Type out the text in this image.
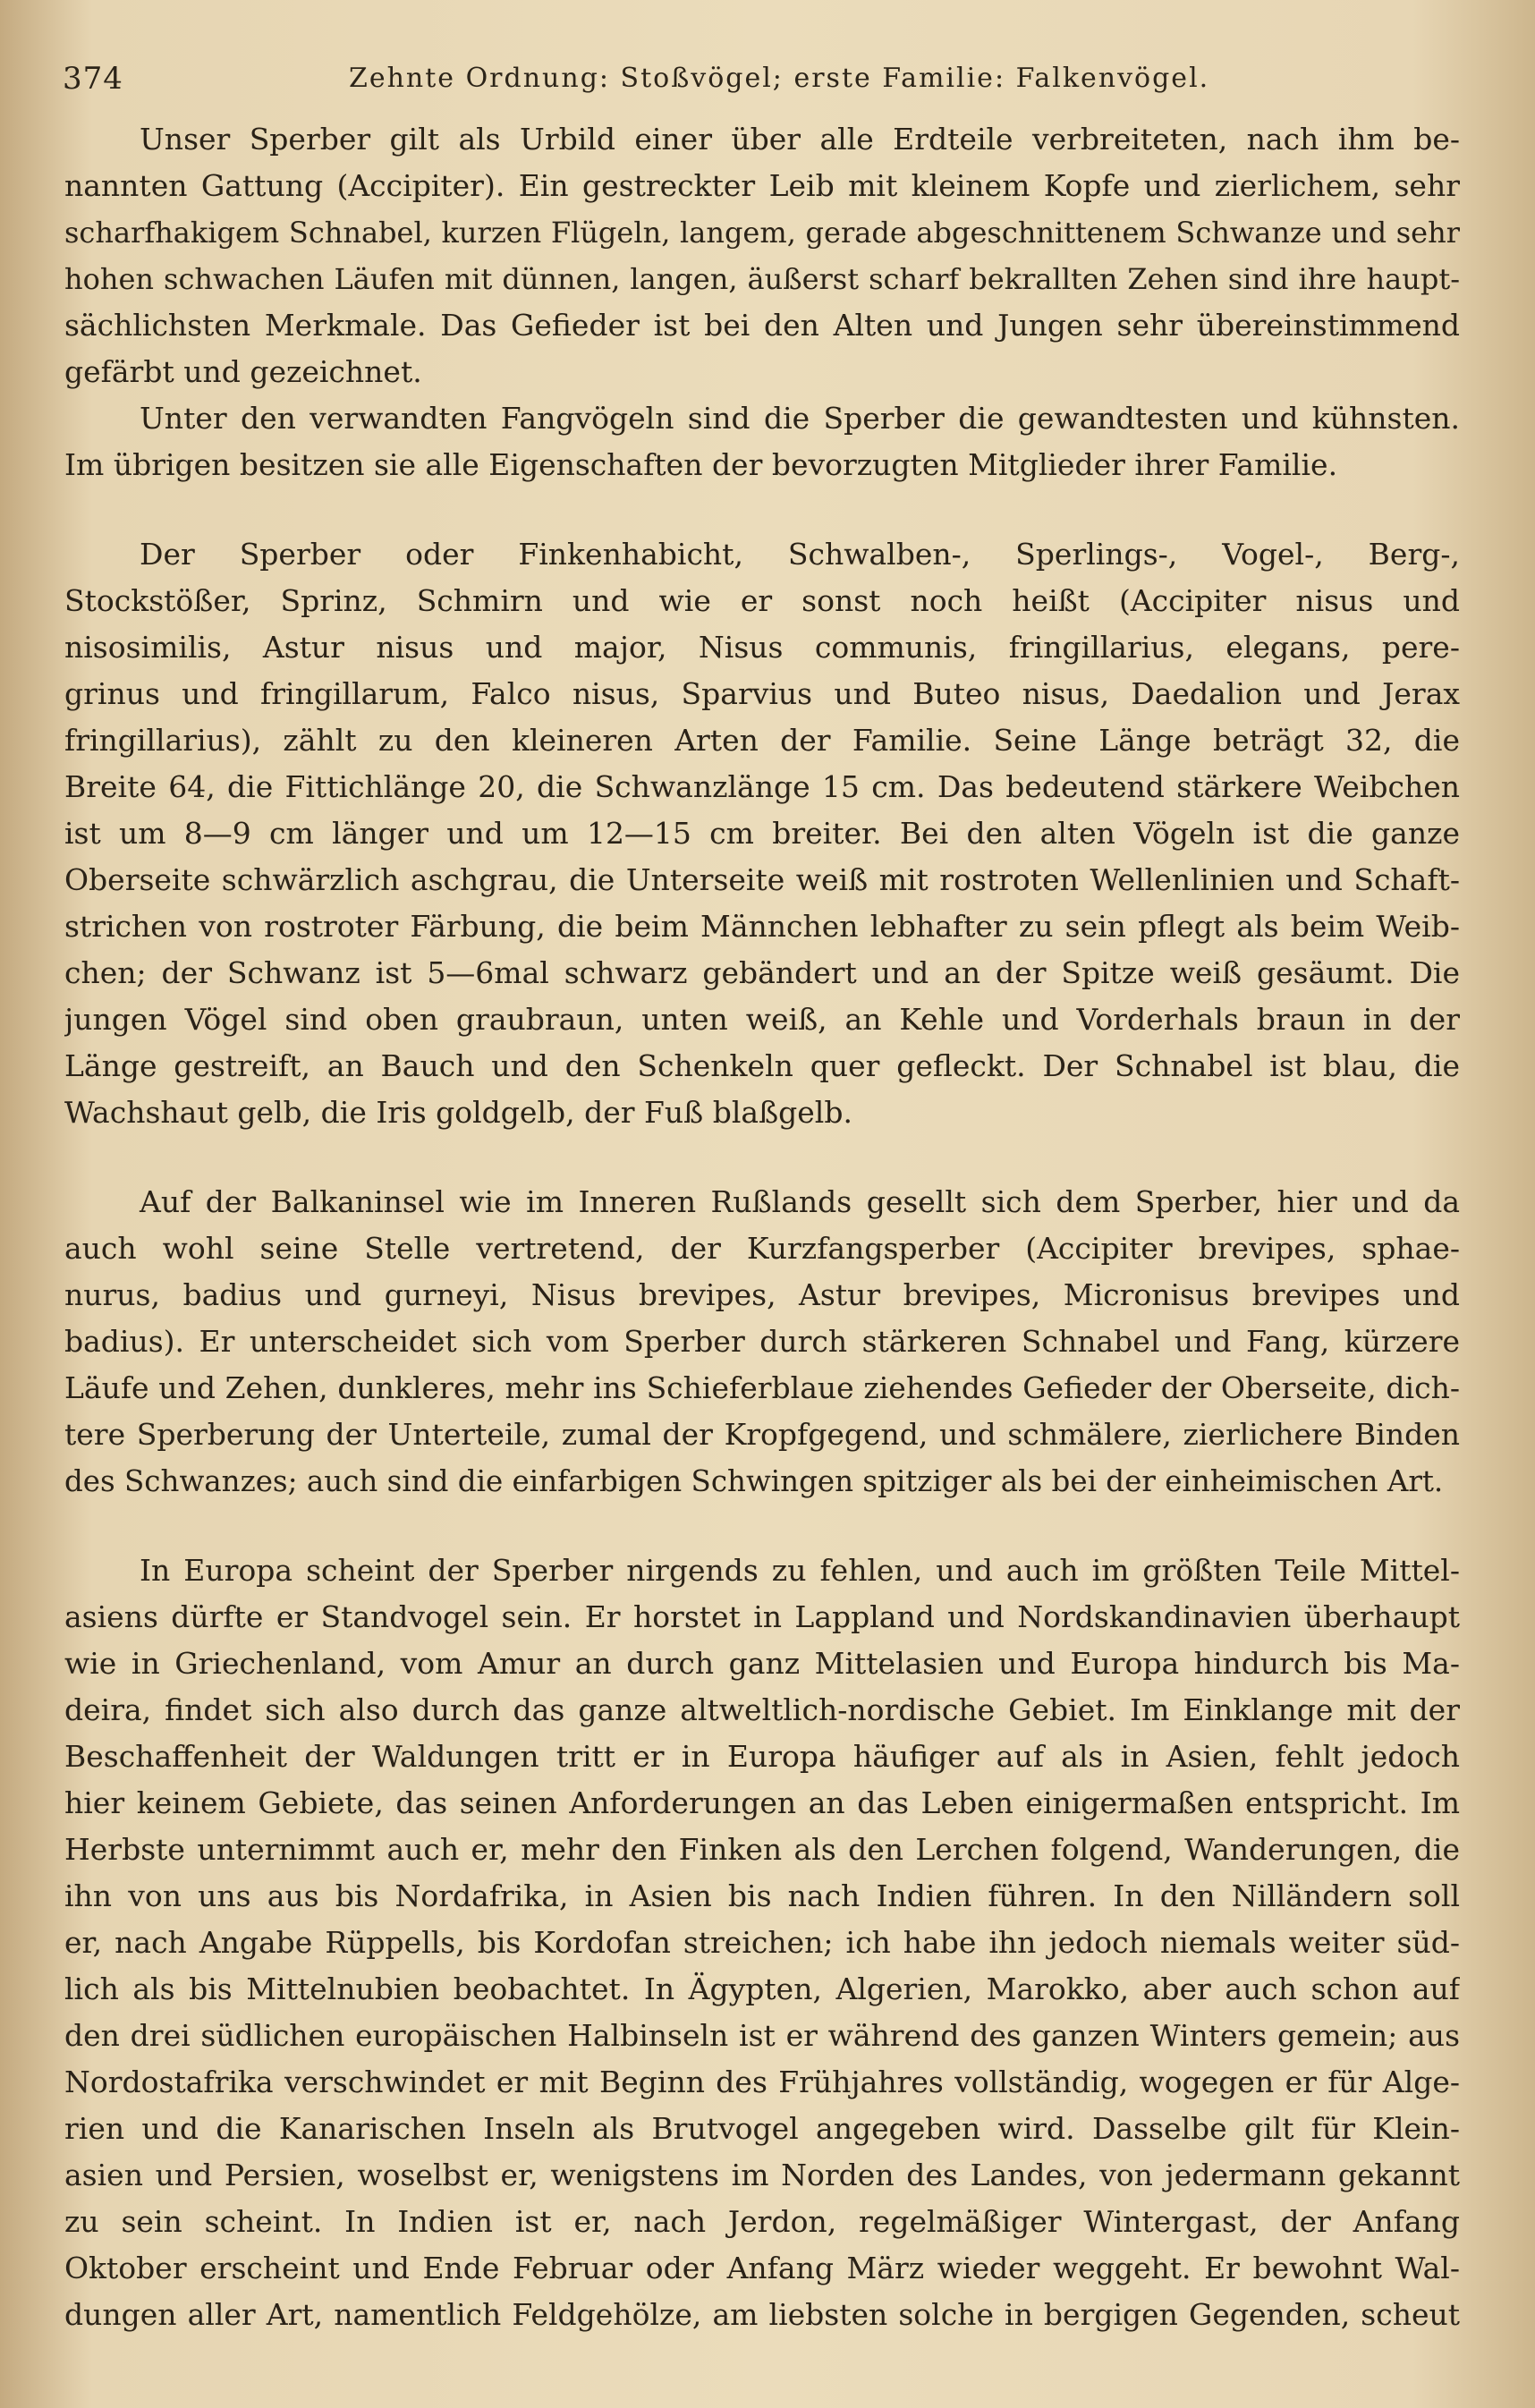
374	Zehnte Ordnung: Stoßvögel; erste Familie: Falkenvögel.
Unser Sperber gilt als Urbild einer über alle Erdteile verbreiteten, nach ihm be-
nannten Gattung (Accipiter). Ein gestreckter Leib mit kleinem Kopfe und zierlichem, sehr
scharfhakigem Schnabel, kurzen Flügeln, langem, gerade abgeschnittenem Schwanze und sehr
hohen schwachen Läufen mit dünnen, langen, äußerst scharf bekrallten Zehen sind ihre haupt-
sächlichsten Merkmale. Das Gefieder ist bei den Alten und Jungen sehr übereinstimmend
gefärbt und gezeichnet.
Unter den verwandten Fangvögeln sind die Sperber die gewandtesten und kühnsten.
Im übrigen besitzen sie alle Eigenschaften der bevorzugten Mitglieder ihrer Familie.
Der Sperber oder Finkenhabicht, Schwalben-, Sperlings-, Vogel-, Berg-,
Stockstößer, Sprinz, Schmirn und wie er sonst noch heißt (Accipiter nisus und
nisosimilis, Astur nisus und major, Nisus communis, fringillarius, elegans, pere-
grinus und fringillarum, Falco nisus, Sparvius und Buteo nisus, Daedalion und Jerax
fringillarius), zählt zu den kleineren Arten der Familie. Seine Länge beträgt 32, die
Breite 64, die Fittichlänge 20, die Schwanzlänge 15 cm. Das bedeutend stärkere Weibchen
ist um 8—9 cm länger und um 12—15 cm breiter. Bei den alten Vögeln ist die ganze
Oberseite schwärzlich aschgrau, die Unterseite weiß mit rostroten Wellenlinien und Schaft-
strichen von rostroter Färbung, die beim Männchen lebhafter zu sein pflegt als beim Weib-
chen; der Schwanz ist 5—6mal schwarz gebändert und an der Spitze weiß gesäumt. Die
jungen Vögel sind oben graubraun, unten weiß, an Kehle und Vorderhals braun in der
Länge gestreift, an Bauch und den Schenkeln quer gefleckt. Der Schnabel ist blau, die
Wachshaut gelb, die Iris goldgelb, der Fuß blaßgelb.
Auf der Balkaninsel wie im Inneren Rußlands gesellt sich dem Sperber, hier und da
auch wohl seine Stelle vertretend, der Kurzfangsperber (Accipiter brevipes, sphae-
nurus, badius und gurneyi, Nisus brevipes, Astur brevipes, Micronisus brevipes und
badius). Er unterscheidet sich vom Sperber durch stärkeren Schnabel und Fang, kürzere
Läufe und Zehen, dunkleres, mehr ins Schieferblaue ziehendes Gefieder der Oberseite, dich-
tere Sperberung der Unterteile, zumal der Kropfgegend, und schmälere, zierlichere Binden
des Schwanzes; auch sind die einfarbigen Schwingen spitziger als bei der einheimischen Art.
In Europa scheint der Sperber nirgends zu fehlen, und auch im größten Teile Mittel-
asiens dürfte er Standvogel sein. Er horstet in Lappland und Nordskandinavien überhaupt
wie in Griechenland, vom Amur an durch ganz Mittelasien und Europa hindurch bis Ma-
deira, findet sich also durch das ganze altweltlich-nordische Gebiet. Im Einklange mit der
Beschaffenheit der Waldungen tritt er in Europa häufiger auf als in Asien, fehlt jedoch
hier keinem Gebiete, das seinen Anforderungen an das Leben einigermaßen entspricht. Im
Herbste unternimmt auch er, mehr den Finken als den Lerchen folgend, Wanderungen, die
ihn von uns aus bis Nordafrika, in Asien bis nach Indien führen. In den Nilländern soll
er, nach Angabe Rüppells, bis Kordofan streichen; ich habe ihn jedoch niemals weiter süd-
lich als bis Mittelnubien beobachtet. In Ägypten, Algerien, Marokko, aber auch schon auf
den drei südlichen europäischen Halbinseln ist er während des ganzen Winters gemein; aus
Nordostafrika verschwindet er mit Beginn des Frühjahres vollständig, wogegen er für Alge-
rien und die Kanarischen Inseln als Brutvogel angegeben wird. Dasselbe gilt für Klein-
asien und Persien, woselbst er, wenigstens im Norden des Landes, von jedermann gekannt
zu sein scheint. In Indien ist er, nach Jerdon, regelmäßiger Wintergast, der Anfang
Oktober erscheint und Ende Februar oder Anfang März wieder weggeht. Er bewohnt Wal-
dungen aller Art, namentlich Feldgehölze, am liebsten solche in bergigen Gegenden, scheut
